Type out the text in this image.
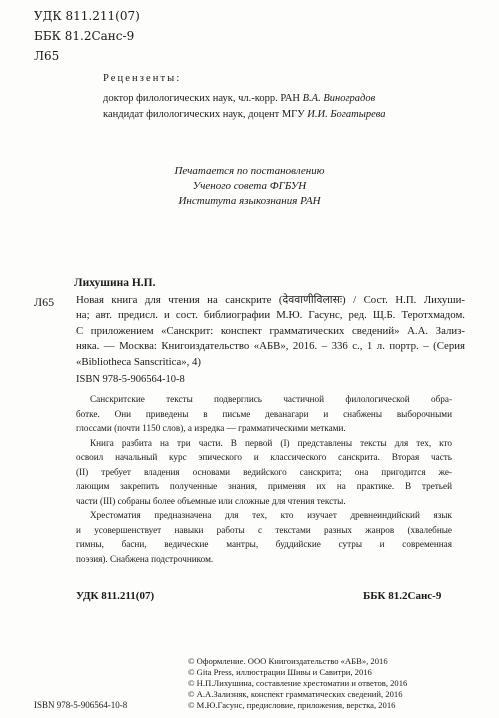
УДК 811.211(07)
ББК 81.2Санс-9
Л65
Рецензенты:
доктор филологических наук, чл.-корр. РАН В.А. Виноградов
кандидат филологических наук, доцент МГУ И.И. Богатырева
Печатается по постановлению
Ученого совета ФГБУН
Института языкознания РАН
Лихушина Н.П.
Л65 Новая книга для чтения на санскрите (देववाणीविलासः) / Сост. Н.П. Лихуши-
на; авт. предисл. и сост. библиографии М.Ю. Гасунс, ред. Щ.Б. Теротхмадом.
С приложением «Санскрит: конспект грамматических сведений» А.А. Зализ-
няка. — Москва: Книгоиздательство «АБВ», 2016. – 336 с., 1 л. портр. – (Серия
«Bibliotheca Sanscritica», 4)
ISBN 978-5-906564-10-8
Санскритские тексты подверглись частичной филологической обра-
ботке. Они приведены в письме деванагари и снабжены выборочными
глоссами (почти 1150 слов), а изредка — грамматическими метками.
Книга разбита на три части. В первой (I) представлены тексты для тех, кто
освоил начальный курс эпического и классического санскрита. Вторая часть
(II) требует владения основами ведийского санскрита; она пригодится же-
лающим закрепить полученные знания, применяя их на практике. В третьей
части (III) собраны более объемные или сложные для чтения тексты.
Хрестоматия предназначена для тех, кто изучает древнеиндийский язык
и усовершенствует навыки работы с текстами разных жанров (хвалебные
гимны, басни, ведические мантры, буддийские сутры и современная
поэзия). Снабжена подстрочником.
УДК 811.211(07)	ББК 81.2Санс-9
© Оформление. ООО Книгоиздательство «АБВ», 2016
© Gita Press, иллюстрации Шивы и Савитри, 2016
© Н.П.Лихушина, составление хрестоматии и ответов, 2016
© А.А.Зализняк, конспект грамматических сведений, 2016
© М.Ю.Гасунс, предисловие, приложения, верстка, 2016
ISBN 978-5-906564-10-8
